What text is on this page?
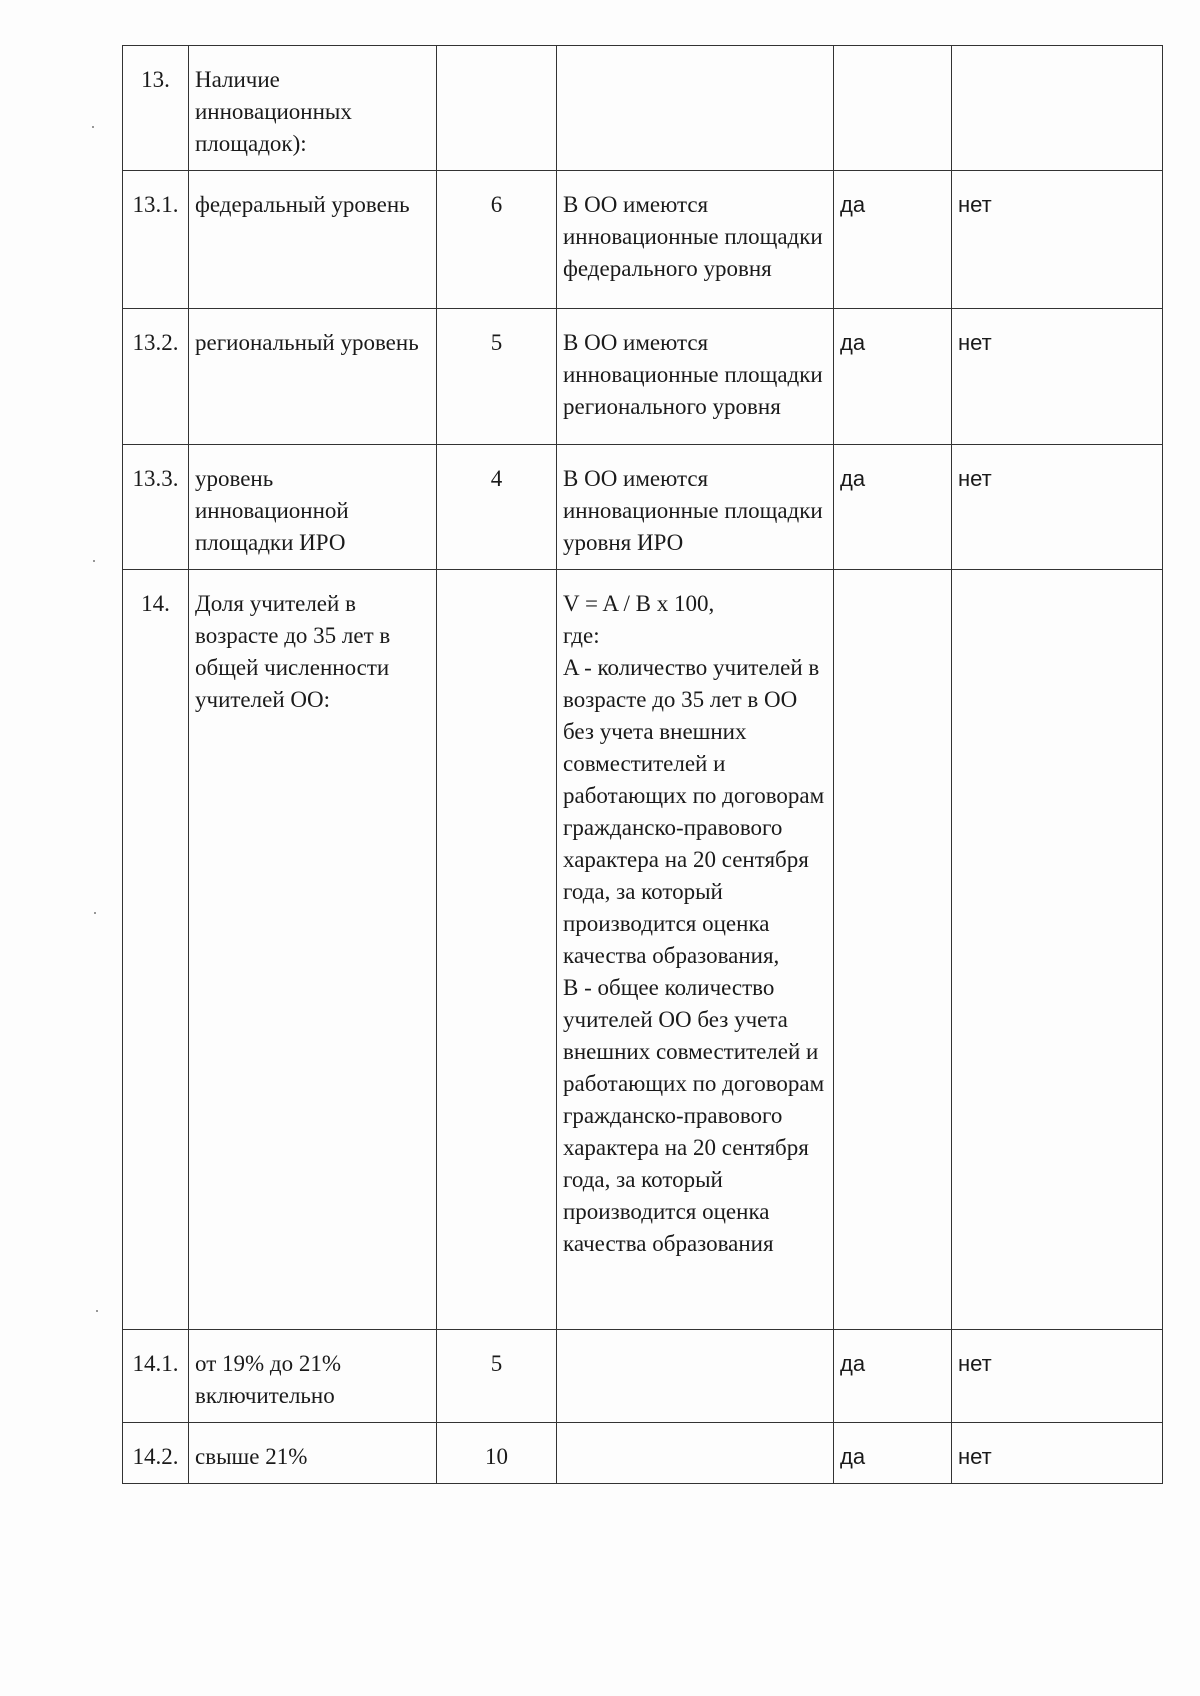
13.	Наличие инновационных площадок):				
13.1.	федеральный уровень	6	В ОО имеются инновационные площадки федерального уровня	да	нет
13.2.	региональный уровень	5	В ОО имеются инновационные площадки регионального уровня	да	нет
13.3.	уровень инновационной площадки ИРО	4	В ОО имеются инновационные площадки уровня ИРО	да	нет
14.	Доля учителей в возрасте до 35 лет в общей численности учителей ОО:		V = A / B x 100,
где:
A - количество учителей в возрасте до 35 лет в ОО без учета внешних совместителей и работающих по договорам гражданско-правового характера на 20 сентября года, за который производится оценка качества образования,
B - общее количество учителей ОО без учета внешних совместителей и работающих по договорам гражданско-правового характера на 20 сентября года, за который производится оценка качества образования		

14.1.	от 19% до 21% включительно	5		да	нет
14.2.	свыше 21%	10		да	нет
